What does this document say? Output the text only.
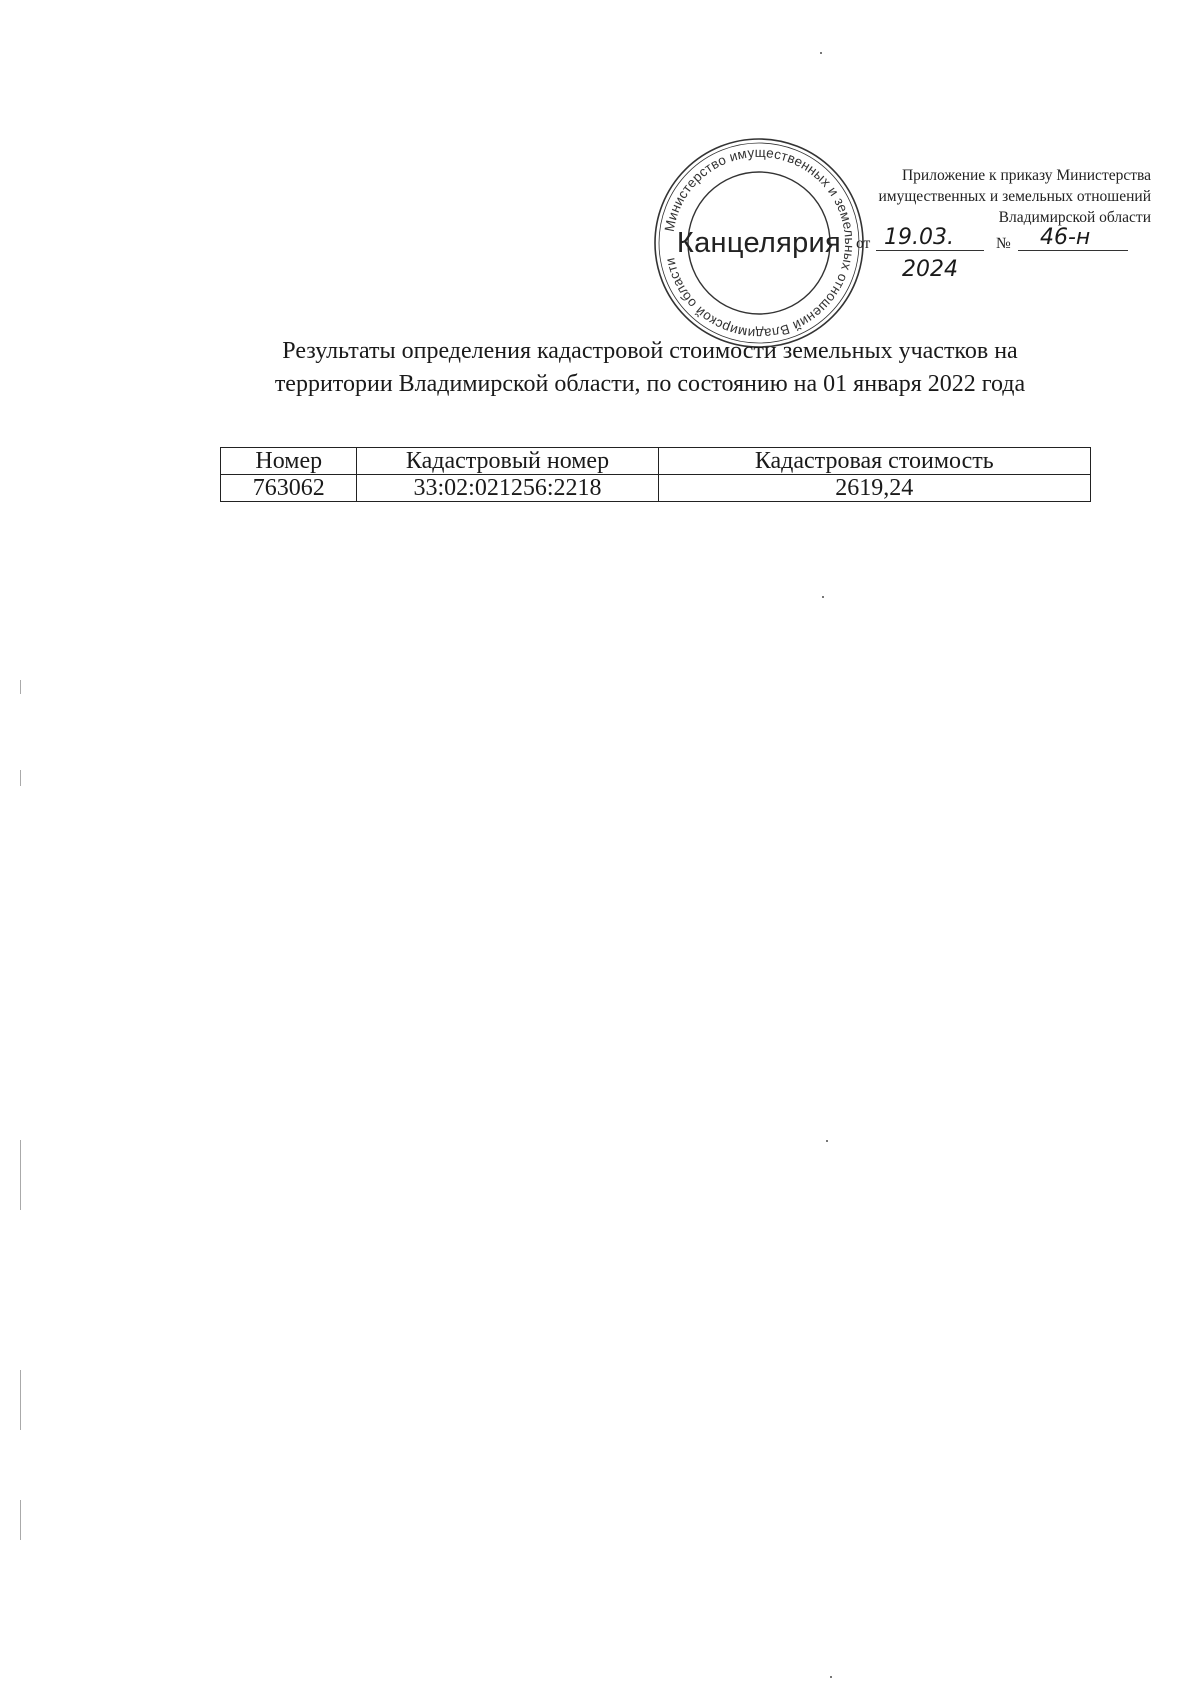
Министерство имущественных и земельных отношений Владимирской области
Канцелярия
Приложение к приказу Министерства
имущественных и земельных отношений
Владимирской области
от 19.03.	№	46-н
2024
Результаты определения кадастровой стоимости земельных участков на
территории Владимирской области, по состоянию на 01 января 2022 года
Номер	Кадастровый номер	Кадастровая стоимость
763062	33:02:021256:2218	2619,24
